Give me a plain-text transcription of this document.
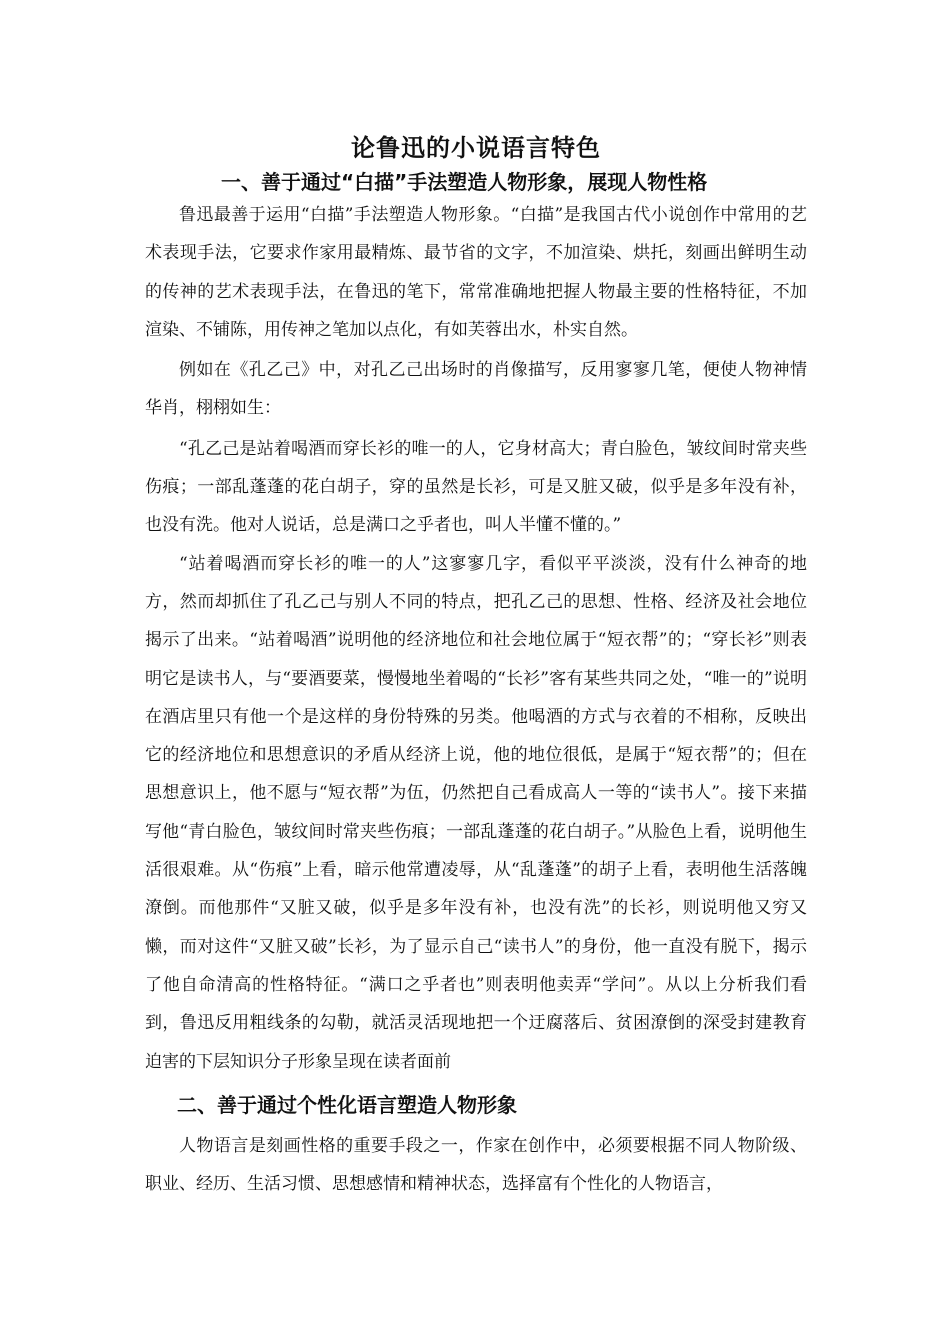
论鲁迅的小说语言特色
一、善于通过“白描”手法塑造人物形象，展现人物性格

鲁迅最善于运用“白描”手法塑造人物形象。“白描”是我国古代小说创作中常用的艺术表现手法，它要求作家用最精炼、最节省的文字，不加渲染、烘托，刻画出鲜明生动的传神的艺术表现手法，在鲁迅的笔下，常常准确地把握人物最主要的性格特征，不加渲染、不铺陈，用传神之笔加以点化，有如芙蓉出水，朴实自然。

例如在《孔乙己》中，对孔乙己出场时的肖像描写，反用寥寥几笔，便使人物神情华肖，栩栩如生：

“孔乙己是站着喝酒而穿长衫的唯一的人，它身材高大；青白脸色，皱纹间时常夹些伤痕；一部乱蓬蓬的花白胡子，穿的虽然是长衫，可是又脏又破，似乎是多年没有补，也没有洗。他对人说话，总是满口之乎者也，叫人半懂不懂的。”

“站着喝酒而穿长衫的唯一的人”这寥寥几字，看似平平淡淡，没有什么神奇的地方，然而却抓住了孔乙己与别人不同的特点，把孔乙己的思想、性格、经济及社会地位揭示了出来。“站着喝酒”说明他的经济地位和社会地位属于“短衣帮”的；“穿长衫”则表明它是读书人，与“要酒要菜，慢慢地坐着喝的“长衫”客有某些共同之处，“唯一的”说明在酒店里只有他一个是这样的身份特殊的另类。他喝酒的方式与衣着的不相称，反映出它的经济地位和思想意识的矛盾从经济上说，他的地位很低，是属于“短衣帮”的；但在思想意识上，他不愿与“短衣帮”为伍，仍然把自己看成高人一等的“读书人”。接下来描写他“青白脸色，皱纹间时常夹些伤痕；一部乱蓬蓬的花白胡子。”从脸色上看，说明他生活很艰难。从“伤痕”上看，暗示他常遭凌辱，从“乱蓬蓬”的胡子上看，表明他生活落魄潦倒。而他那件“又脏又破，似乎是多年没有补，也没有洗”的长衫，则说明他又穷又懒，而对这件“又脏又破”长衫，为了显示自己“读书人”的身份，他一直没有脱下，揭示了他自命清高的性格特征。“满口之乎者也”则表明他卖弄“学问”。从以上分析我们看到，鲁迅反用粗线条的勾勒，就活灵活现地把一个迂腐落后、贫困潦倒的深受封建教育迫害的下层知识分子形象呈现在读者面前

二、善于通过个性化语言塑造人物形象

人物语言是刻画性格的重要手段之一，作家在创作中，必须要根据不同人物阶级、职业、经历、生活习惯、思想感情和精神状态，选择富有个性化的人物语言，
